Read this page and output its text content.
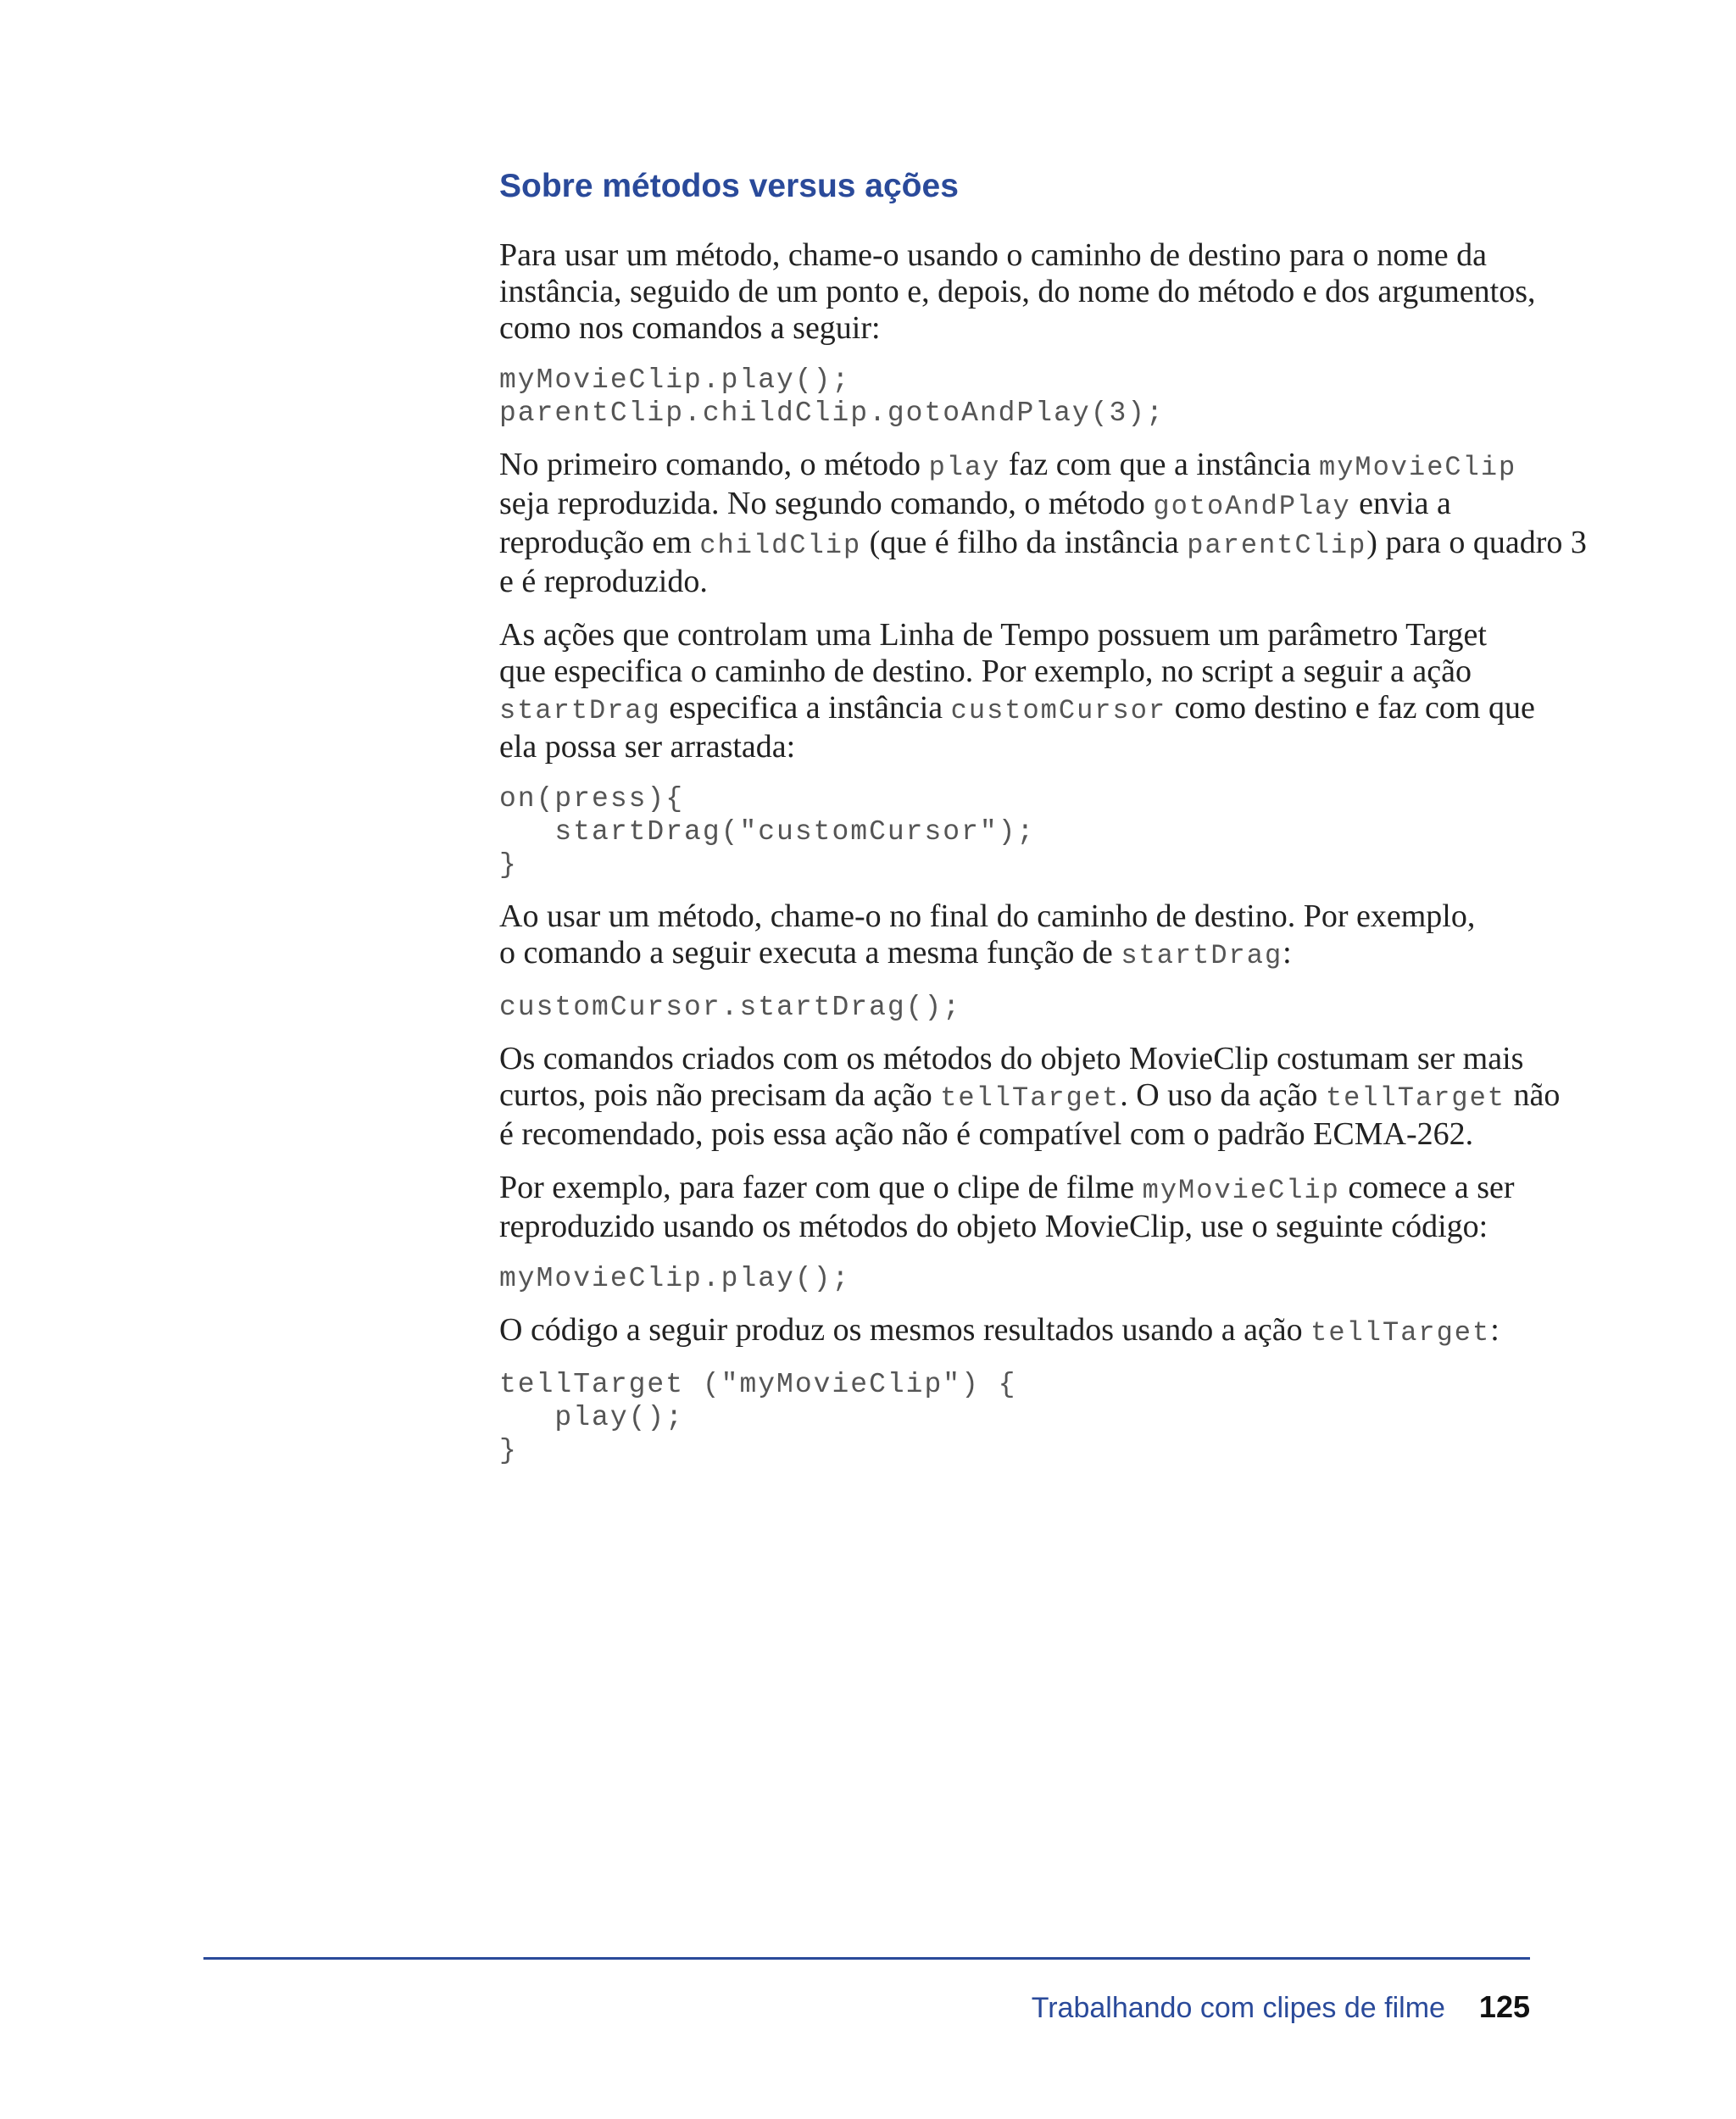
Sobre métodos versus ações

Para usar um método, chame-o usando o caminho de destino para o nome da
instância, seguido de um ponto e, depois, do nome do método e dos argumentos,
como nos comandos a seguir:

myMovieClip.play();
parentClip.childClip.gotoAndPlay(3);

No primeiro comando, o método play faz com que a instância myMovieClip
seja reproduzida. No segundo comando, o método gotoAndPlay envia a
reprodução em childClip (que é filho da instância parentClip) para o quadro 3
e é reproduzido.

As ações que controlam uma Linha de Tempo possuem um parâmetro Target
que especifica o caminho de destino. Por exemplo, no script a seguir a ação
startDrag especifica a instância customCursor como destino e faz com que
ela possa ser arrastada:

on(press){
startDrag("customCursor");
}

Ao usar um método, chame-o no final do caminho de destino. Por exemplo,
o comando a seguir executa a mesma função de startDrag:

customCursor.startDrag();

Os comandos criados com os métodos do objeto MovieClip costumam ser mais
curtos, pois não precisam da ação tellTarget. O uso da ação tellTarget não
é recomendado, pois essa ação não é compatível com o padrão ECMA-262.

Por exemplo, para fazer com que o clipe de filme myMovieClip comece a ser
reproduzido usando os métodos do objeto MovieClip, use o seguinte código:

myMovieClip.play();

O código a seguir produz os mesmos resultados usando a ação tellTarget:

tellTarget ("myMovieClip") {
play();
}
Trabalhando com clipes de filme 125
